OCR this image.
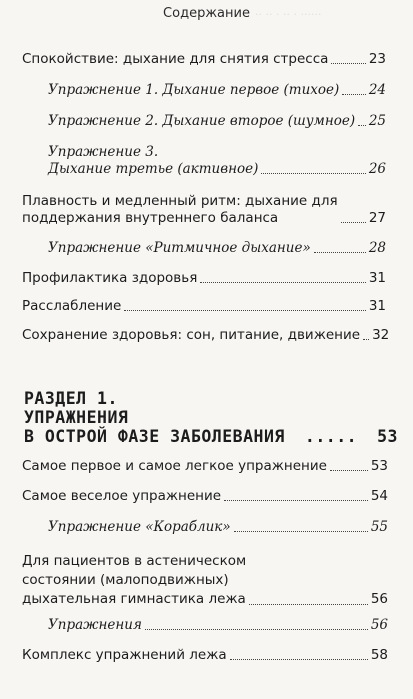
·· ·· · ·· · ······
Содержание
Спокойствие: дыхание для снятия стресса	23
Упражнение 1. Дыхание первое (тихое) 24
Упражнение 2. Дыхание второе (шумное) 25
Упражнение 3.
Дыхание третье (активное)	26
Плавность и медленный ритм: дыхание для
поддержания внутреннего баланса	27
Упражнение «Ритмичное дыхание»	28
Профилактика здоровья	31
Расслабление	31
Сохранение здоровья: сон, питание, движение 32
РАЗДЕЛ 1.
УПРАЖНЕНИЯ
В ОСТРОЙ ФАЗЕ ЗАБОЛЕВАНИЯ ..... 53
Самое первое и самое легкое упражнение	53
Самое веселое упражнение	54
Упражнение «Кораблик»	55
Для пациентов в астеническом
состоянии (малоподвижных)
дыхательная гимнастика лежа	56
Упражнения	56
Комплекс упражнений лежа	58
